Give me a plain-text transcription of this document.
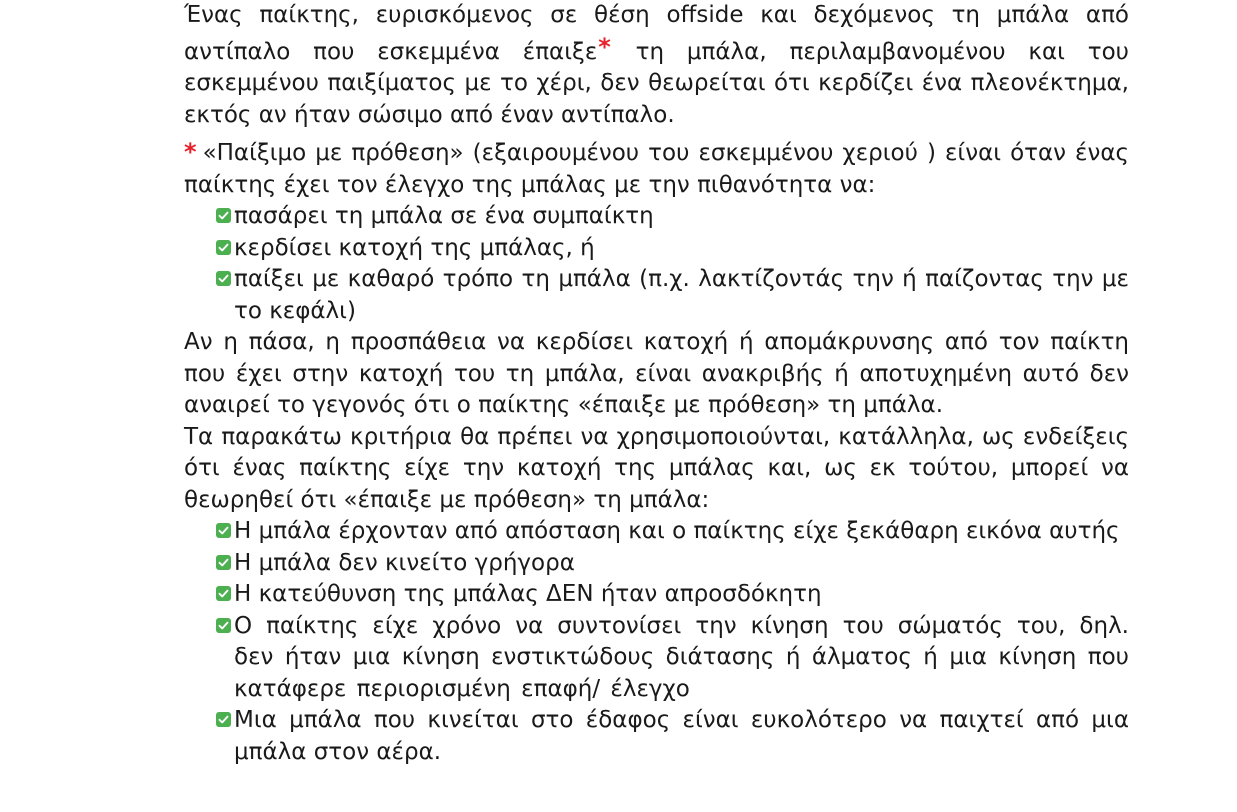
Ένας παίκτης, ευρισκόμενος σε θέση offside και δεχόμενος τη μπάλα από αντίπαλο που εσκεμμένα έπαιξε* τη μπάλα, περιλαμβανομένου και του εσκεμμένου παιξίματος με το χέρι, δεν θεωρείται ότι κερδίζει ένα πλεονέκτημα, εκτός αν ήταν σώσιμο από έναν αντίπαλο.

* «Παίξιμο με πρόθεση» (εξαιρουμένου του εσκεμμένου χεριού ) είναι όταν ένας παίκτης έχει τον έλεγχο της μπάλας με την πιθανότητα να:

πασάρει τη μπάλα σε ένα συμπαίκτη
κερδίσει κατοχή της μπάλας, ή
παίξει με καθαρό τρόπο τη μπάλα (π.χ. λακτίζοντάς την ή παίζοντας την με το κεφάλι)

Αν η πάσα, η προσπάθεια να κερδίσει κατοχή ή απομάκρυνσης από τον παίκτη που έχει στην κατοχή του τη μπάλα, είναι ανακριβής ή αποτυχημένη αυτό δεν αναιρεί το γεγονός ότι ο παίκτης «έπαιξε με πρόθεση» τη μπάλα.

Τα παρακάτω κριτήρια θα πρέπει να χρησιμοποιούνται, κατάλληλα, ως ενδείξεις ότι ένας παίκτης είχε την κατοχή της μπάλας και, ως εκ τούτου, μπορεί να θεωρηθεί ότι «έπαιξε με πρόθεση» τη μπάλα:

Η μπάλα έρχονταν από απόσταση και ο παίκτης είχε ξεκάθαρη εικόνα αυτής
Η μπάλα δεν κινείτο γρήγορα
Η κατεύθυνση της μπάλας ΔΕΝ ήταν απροσδόκητη
Ο παίκτης είχε χρόνο να συντονίσει την κίνηση του σώματός του, δηλ. δεν ήταν μια κίνηση ενστικτώδους διάτασης ή άλματος ή μια κίνηση που κατάφερε περιορισμένη επαφή/ έλεγχο
Μια μπάλα που κινείται στο έδαφος είναι ευκολότερο να παιχτεί από μια μπάλα στον αέρα.
